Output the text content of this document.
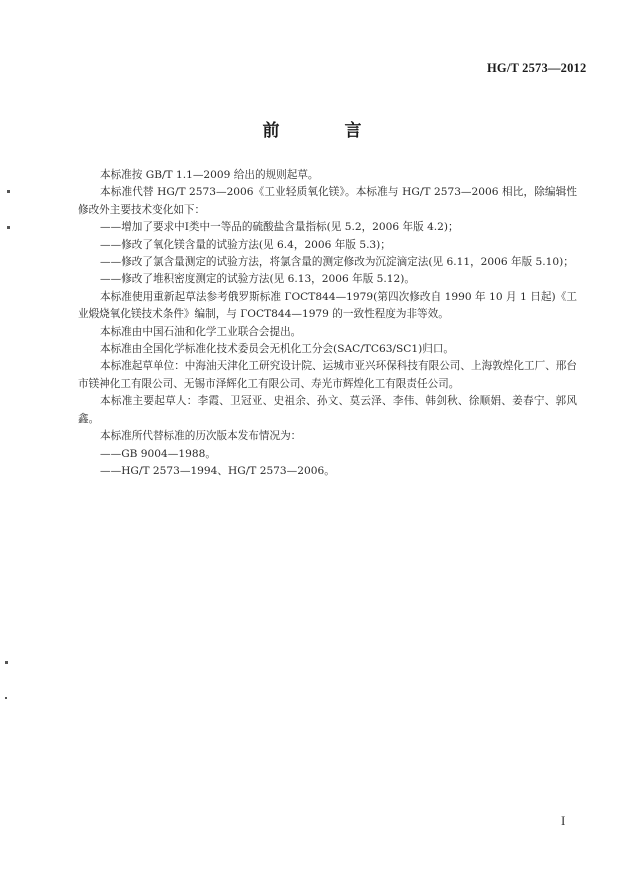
HG/T 2573—2012
前　言

本标准按 GB/T 1.1—2009 给出的规则起草。

本标准代替 HG/T 2573—2006《工业轻质氧化镁》。本标准与 HG/T 2573—2006 相比，除编辑性修改外主要技术变化如下：

——增加了要求中Ⅰ类中一等品的硫酸盐含量指标(见 5.2，2006 年版 4.2)；

——修改了氧化镁含量的试验方法(见 6.4，2006 年版 5.3)；

——修改了氯含量测定的试验方法，将氯含量的测定修改为沉淀滴定法(见 6.11，2006 年版 5.10)；

——修改了堆积密度测定的试验方法(见 6.13，2006 年版 5.12)。

本标准使用重新起草法参考俄罗斯标准 ГОСТ844—1979(第四次修改自 1990 年 10 月 1 日起)《工业煅烧氧化镁技术条件》编制，与 ГОСТ844—1979 的一致性程度为非等效。

本标准由中国石油和化学工业联合会提出。

本标准由全国化学标准化技术委员会无机化工分会(SAC/TC63/SC1)归口。

本标准起草单位：中海油天津化工研究设计院、运城市亚兴环保科技有限公司、上海敦煌化工厂、邢台市镁神化工有限公司、无锡市泽辉化工有限公司、寿光市辉煌化工有限责任公司。

本标准主要起草人：李霞、卫冠亚、史祖余、孙文、莫云泽、李伟、韩剑秋、徐顺娟、姜春宁、郭风鑫。

本标准所代替标准的历次版本发布情况为：

——GB 9004—1988。

——HG/T 2573—1994、HG/T 2573—2006。

I
